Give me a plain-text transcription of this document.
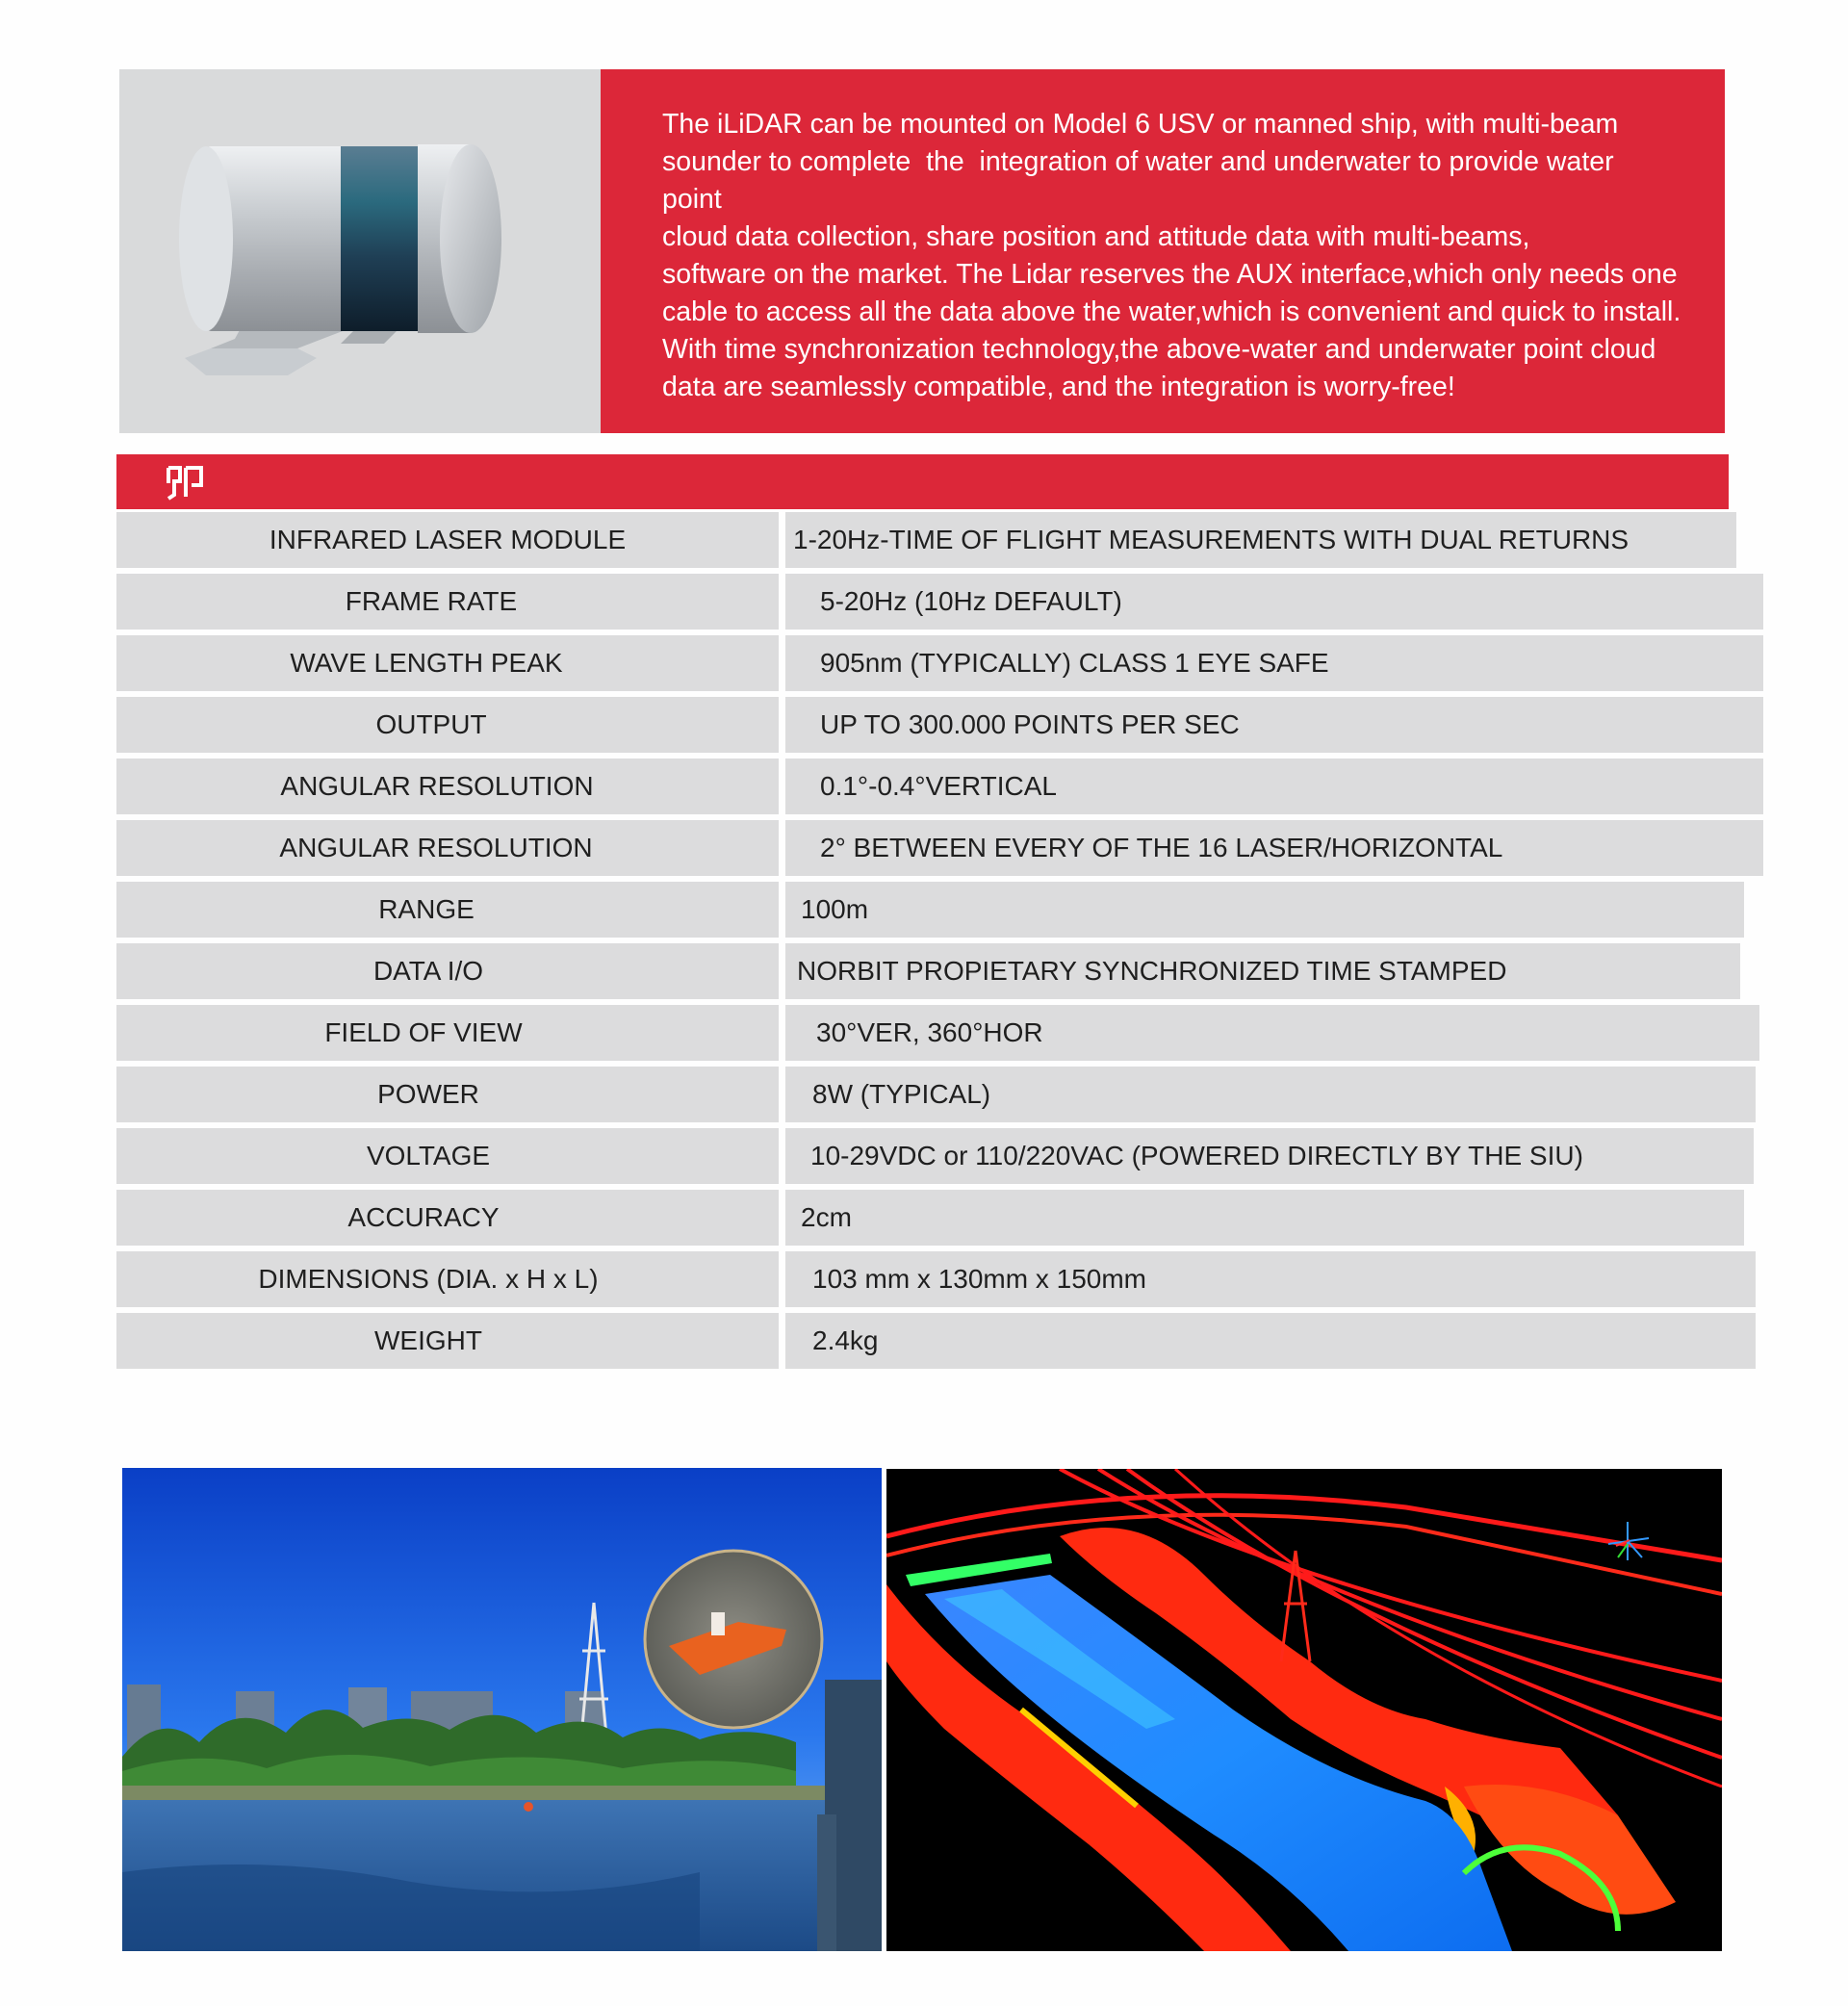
The iLiDAR can be mounted on Model 6 USV or manned ship, with multi-beam
sounder to complete  the  integration of water and underwater to provide water
point
cloud data collection, share position and attitude data with multi-beams,
software on the market. The Lidar reserves the AUX interface,which only needs one
cable to access all the data above the water,which is convenient and quick to install.
With time synchronization technology,the above-water and underwater point cloud
data are seamlessly compatible, and the integration is worry-free!

INFRARED LASER MODULE	1-20Hz-TIME OF FLIGHT MEASUREMENTS WITH DUAL RETURNS
FRAME RATE	5-20Hz (10Hz DEFAULT)
WAVE LENGTH PEAK	905nm (TYPICALLY) CLASS 1 EYE SAFE
OUTPUT	UP TO 300.000 POINTS PER SEC
ANGULAR RESOLUTION	0.1°-0.4°VERTICAL
ANGULAR RESOLUTION	2° BETWEEN EVERY OF THE 16 LASER/HORIZONTAL
RANGE	100m
DATA I/O	NORBIT PROPIETARY SYNCHRONIZED TIME STAMPED
FIELD OF VIEW	30°VER, 360°HOR
POWER	8W (TYPICAL)
VOLTAGE	10-29VDC or 110/220VAC (POWERED DIRECTLY BY THE SIU)
ACCURACY	2cm
DIMENSIONS (DIA. x H x L)	103 mm x 130mm x 150mm
WEIGHT	2.4kg
